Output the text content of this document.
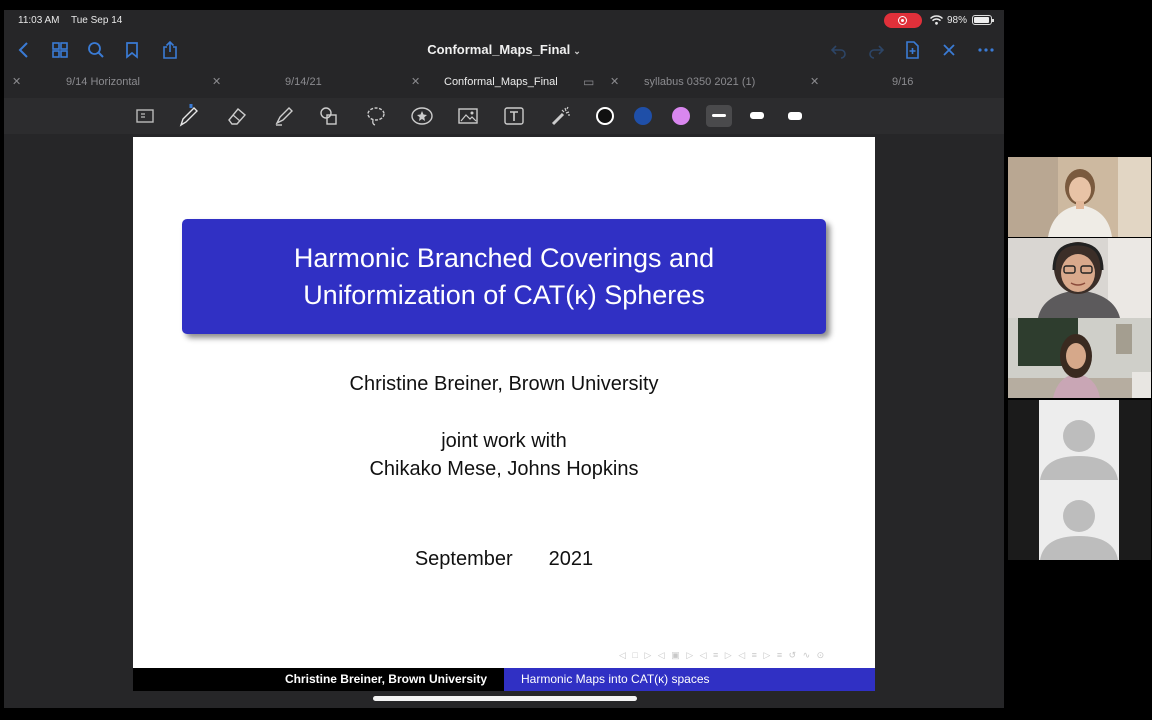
11:03 AM Tue Sep 14	98%
Conformal_Maps_Final ⌄
✕	9/14 Horizontal	✕	9/14/21	✕ Conformal_Maps_Final ▭ ✕ syllabus 0350 2021 (1)	✕	9/16
Harmonic Branched Coverings and
Uniformization of CAT(κ) Spheres
Christine Breiner, Brown University
joint work with
Chikako Mese, Johns Hopkins
September 2021
◁ □ ▷ ◁ ▣ ▷ ◁ ≡ ▷ ◁ ≡ ▷ ≡ ↺ ∿ ⊙
Christine Breiner, Brown University	Harmonic Maps into CAT(κ) spaces
